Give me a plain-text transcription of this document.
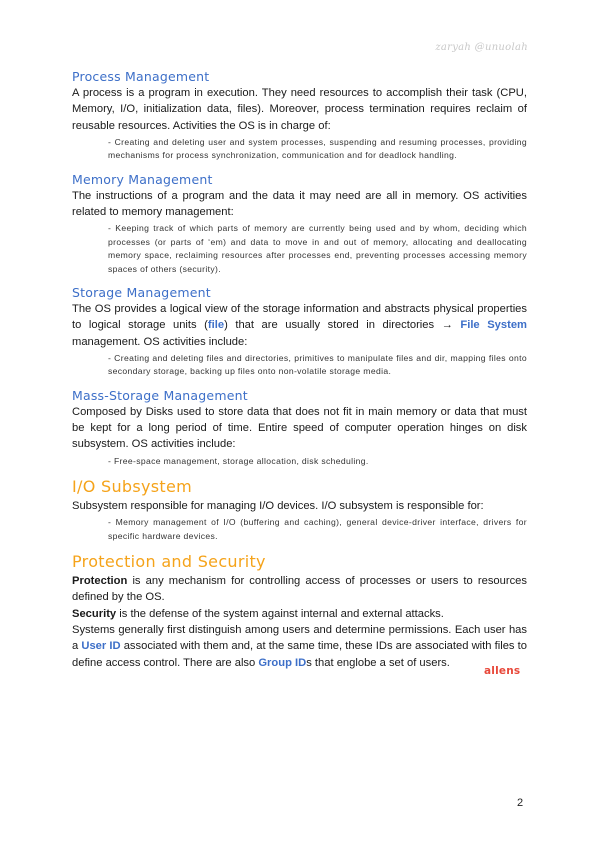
zaryah @unuolah
Process Management

A process is a program in execution. They need resources to accomplish their task (CPU, Memory, I/O, initialization data, files). Moreover, process termination requires reclaim of reusable resources. Activities the OS is in charge of:

- Creating and deleting user and system processes, suspending and resuming processes, providing mechanisms for process synchronization, communication and for deadlock handling.
Memory Management

The instructions of a program and the data it may need are all in memory. OS activities related to memory management:

- Keeping track of which parts of memory are currently being used and by whom, deciding which processes (or parts of ‘em) and data to move in and out of memory, allocating and deallocating memory space, reclaiming resources after processes end, preventing processes accessing memory spaces of others (security).
Storage Management

The OS provides a logical view of the storage information and abstracts physical properties to logical storage units (file) that are usually stored in directories → File System management. OS activities include:

- Creating and deleting files and directories, primitives to manipulate files and dir, mapping files onto secondary storage, backing up files onto non-volatile storage media.
Mass-Storage Management

Composed by Disks used to store data that does not fit in main memory or data that must be kept for a long period of time. Entire speed of computer operation hinges on disk subsystem. OS activities include:

- Free-space management, storage allocation, disk scheduling.
I/O Subsystem

Subsystem responsible for managing I/O devices. I/O subsystem is responsible for:

- Memory management of I/O (buffering and caching), general device-driver interface, drivers for specific hardware devices.
Protection and Security

Protection is any mechanism for controlling access of processes or users to resources defined by the OS.

Security is the defense of the system against internal and external attacks.

Systems generally first distinguish among users and determine permissions. Each user has a User ID associated with them and, at the same time, these IDs are associated with files to define access control. There are also Group IDs that englobe a set of users.

allens
2
